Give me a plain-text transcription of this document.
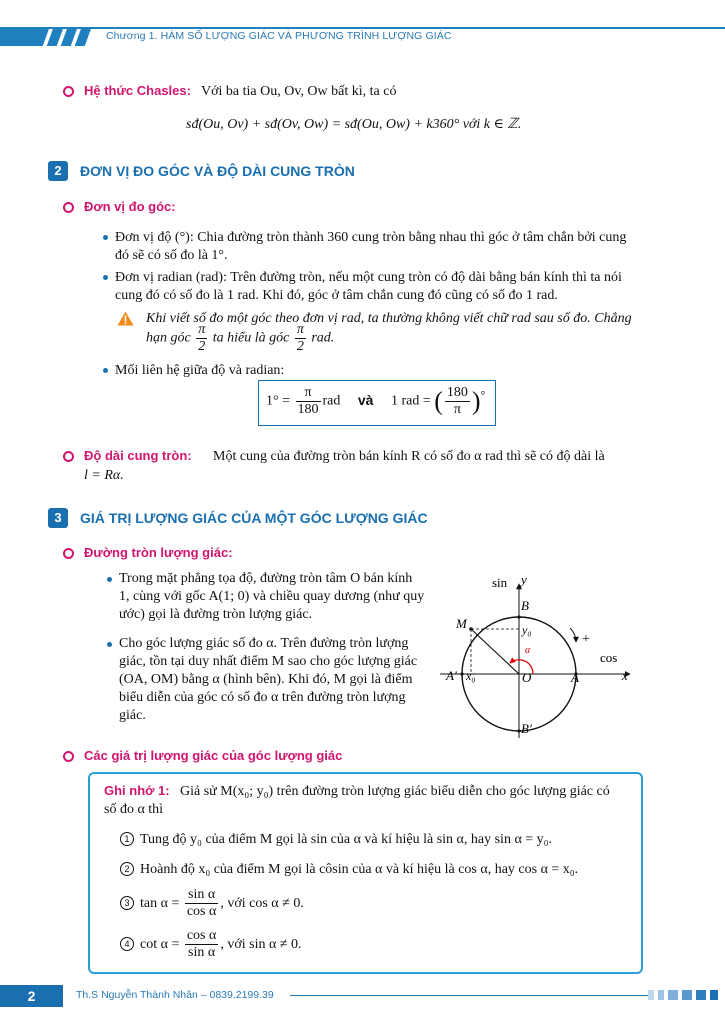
Chương 1. HÀM SỐ LƯỢNG GIÁC VÀ PHƯƠNG TRÌNH LƯỢNG GIÁC
Hệ thức Chasles: Với ba tia Ou, Ov, Ow bất kì, ta có
sđ(Ou, Ov) + sđ(Ov, Ow) = sđ(Ou, Ow) + k360° với k ∈ ℤ.
2	ĐƠN VỊ ĐO GÓC VÀ ĐỘ DÀI CUNG TRÒN
Đơn vị đo góc:
Đơn vị độ (°): Chia đường tròn thành 360 cung tròn bằng nhau thì góc ở tâm chắn bởi cung
đó sẽ có số đo là 1°.
Đơn vị radian (rad): Trên đường tròn, nếu một cung tròn có độ dài bằng bán kính thì ta nói
cung đó có số đo là 1 rad. Khi đó, góc ở tâm chắn cung đó cũng có số đo 1 rad.
Khi viết số đo một góc theo đơn vị rad, ta thường không viết chữ rad sau số đo. Chẳng
hạn góc $\frac{\pi}{2}$ ta hiểu là góc $\frac{\pi}{2}$ rad.
Mối liên hệ giữa độ và radian:
$1^\circ = \frac{\pi}{180}$ rad và 1 rad = ( $\frac{180}{\pi} )^\circ$
Độ dài cung tròn: Một cung của đường tròn bán kính R có số đo α rad thì sẽ có độ dài là
l = Rα.
3	GIÁ TRỊ LƯỢNG GIÁC CỦA MỘT GÓC LƯỢNG GIÁC
Đường tròn lượng giác:
Trong mặt phẳng tọa độ, đường tròn tâm O bán kính
1, cùng với gốc A(1; 0) và chiều quay dương (như quy
ước) gọi là đường tròn lượng giác.
Cho góc lượng giác số đo α. Trên đường tròn lượng
giác, tồn tại duy nhất điểm M sao cho góc lượng giác
(OA, OM) bằng α (hình bên). Khi đó, M gọi là điểm
biểu diễn của góc có số đo α trên đường tròn lượng
giác.
sin y
B
M	y₀
α
+
cos
A′ x₀	O	A	x
B′
Các giá trị lượng giác của góc lượng giác
Ghi nhớ 1: Giả sử M(x₀; y₀) trên đường tròn lượng giác biểu diễn cho góc lượng giác có
số đo α thì
1 Tung độ y₀ của điểm M gọi là sin của α và kí hiệu là sin α, hay sin α = y₀.
2 Hoành độ x₀ của điểm M gọi là côsin của α và kí hiệu là cos α, hay cos α = x₀.
3 $\tan \alpha = \frac{\text{sin α}}{\text{cos α}}$ , với cos α ≠ 0.
4 $\cot \alpha = \frac{\text{cos α}}{\text{sin α}}$ , với sin α ≠ 0.
2	Th.S Nguyễn Thành Nhân – 0839.2199.39
